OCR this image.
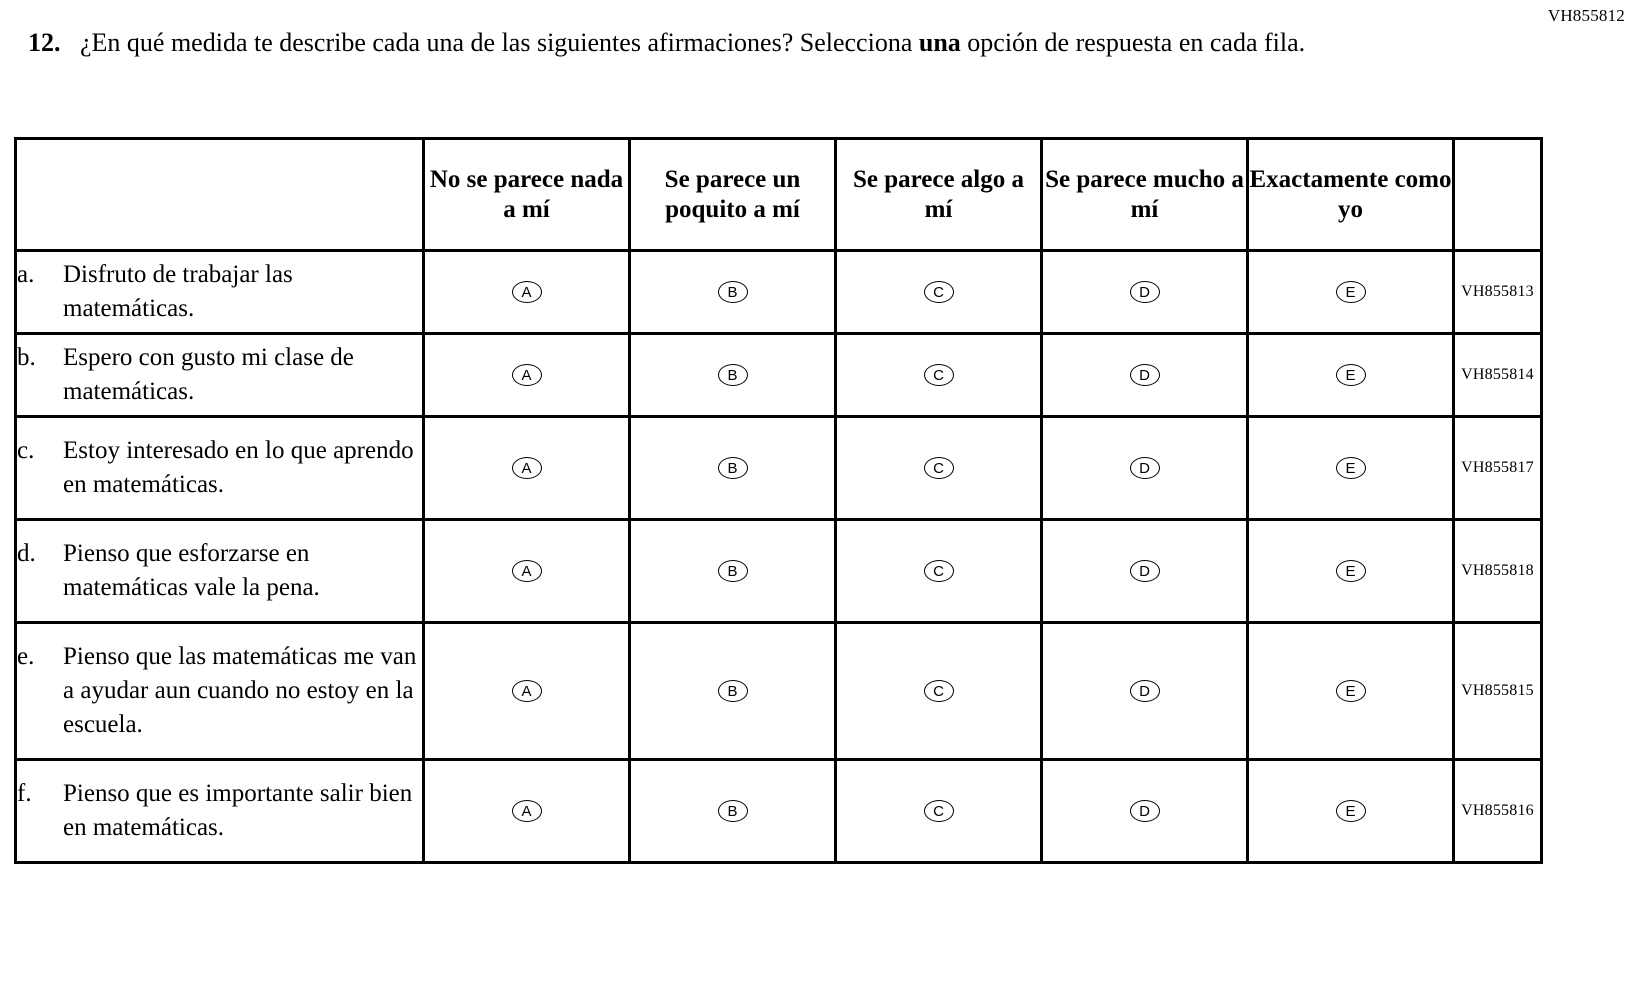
VH855812
12. ¿En qué medida te describe cada una de las siguientes afirmaciones? Selecciona una opción de respuesta en cada fila.
	No se parece nada a mí	Se parece un poquito a mí	Se parece algo a mí	Se parece mucho a mí	Exactamente como yo	

a. Disfruto de trabajar las matemáticas.	A	B	C	D	E	VH855813

b. Espero con gusto mi clase de matemáticas.	A	B	C	D	E	VH855814

c. Estoy interesado en lo que aprendo en matemáticas.	A	B	C	D	E	VH855817

d. Pienso que esforzarse en matemáticas vale la pena.	A	B	C	D	E	VH855818

e. Pienso que las matemáticas me van a ayudar aun cuando no estoy en la escuela.	A	B	C	D	E	VH855815

f. Pienso que es importante salir bien en matemáticas.	A	B	C	D	E	VH855816
